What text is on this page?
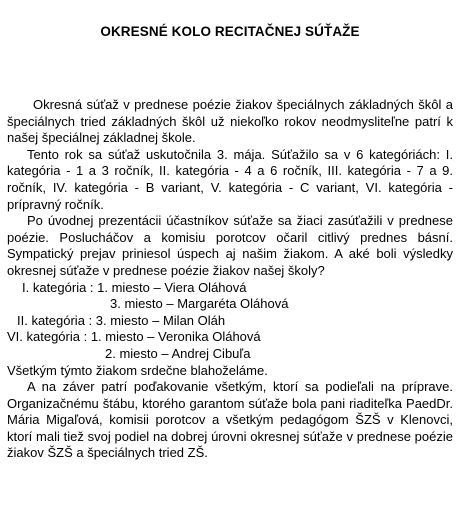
OKRESNÉ KOLO RECITAČNEJ SÚŤAŽE

Okresná súťaž v prednese poézie žiakov špeciálnych základných škôl a špeciálnych tried základných škôl už niekoľko rokov neodmysliteľne patrí k našej špeciálnej základnej škole.

Tento rok sa súťaž uskutočnila 3. mája. Súťažilo sa v 6 kategóriách: I. kategória - 1 a 3 ročník, II. kategória - 4 a 6 ročník, III. kategória - 7 a 9. ročník, IV. kategória - B variant, V. kategória - C variant, VI. kategória - prípravný ročník.

Po úvodnej prezentácii účastníkov súťaže sa žiaci zasúťažili v prednese poézie. Poslucháčov a komisiu porotcov očaril citlivý prednes básní. Sympatický prejav priniesol úspech aj našim žiakom. A aké boli výsledky okresnej súťaže v prednese poézie žiakov našej školy?

I. kategória : 1. miesto – Viera Oláhová

3. miesto – Margaréta Oláhová

II. kategória : 3. miesto – Milan Oláh

VI. kategória : 1. miesto – Veronika Oláhová

2. miesto – Andrej Cibuľa

Všetkým týmto žiakom srdečne blahoželáme.

A na záver patrí poďakovanie všetkým, ktorí sa podieľali na príprave. Organizačnému štábu, ktorého garantom súťaže bola pani riaditeľka PaedDr. Mária Migaľová, komisii porotcov a všetkým pedagógom ŠZŠ v Klenovci, ktorí mali tiež svoj podiel na dobrej úrovni okresnej súťaže v prednese poézie žiakov ŠZŠ a špeciálnych tried ZŠ.
